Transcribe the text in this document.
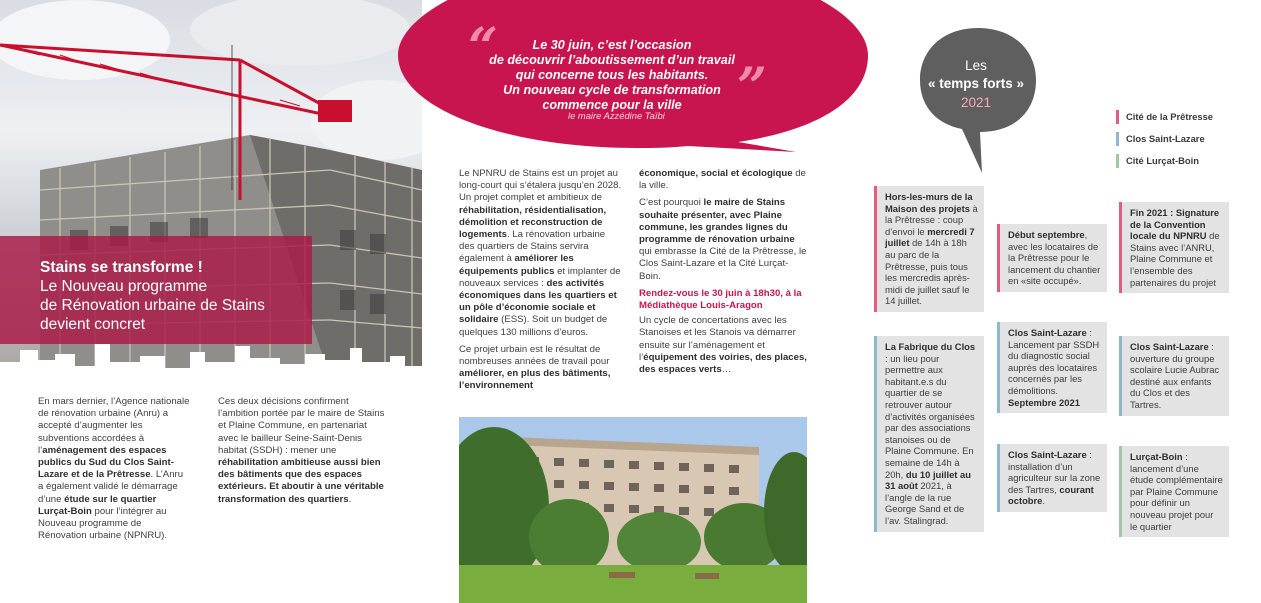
Stains se transforme !
Le Nouveau programme
de Rénovation urbaine de Stains
devient concret
En mars dernier, l’Agence nationale de rénovation urbaine (Anru) a accepté d’augmenter les subventions accordées à l’aménagement des espaces publics du Sud du Clos Saint-Lazare et de la Prêtresse. L’Anru a également validé le démarrage d’une étude sur le quartier Lurçat-Boin pour l’intégrer au Nouveau programme de Rénovation urbaine (NPNRU).
Ces deux décisions confirment l’ambition portée par le maire de Stains et Plaine Commune, en partenariat avec le bailleur Seine-Saint-Denis habitat (SSDH) : mener une réhabilitation ambitieuse aussi bien des bâtiments que des espaces extérieurs. Et aboutir à une véritable transformation des quartiers.
“
”
Le 30 juin, c’est l’occasion
de découvrir l’aboutissement d’un travail
qui concerne tous les habitants.
Un nouveau cycle de transformation
commence pour la ville
le maire Azzédine Taïbi

Le NPNRU de Stains est un projet au long-court qui s’étalera jusqu’en 2028. Un projet complet et ambitieux de réhabilitation, résidentialisation, démolition et reconstruction de logements. La rénovation urbaine des quartiers de Stains servira également à améliorer les équipements publics et implanter de nouveaux services : des activités économiques dans les quartiers et un pôle d’économie sociale et solidaire (ESS). Soit un budget de quelques 130 millions d’euros.

Ce projet urbain est le résultat de nombreuses années de travail pour améliorer, en plus des bâtiments, l’environnement

économique, social et écologique de la ville.

C’est pourquoi le maire de Stains souhaite présenter, avec Plaine commune, les grandes lignes du programme de rénovation urbaine qui embrasse la Cité de la Prêtresse, le Clos Saint-Lazare et la Cité Lurçat-Boin.

Rendez-vous le 30 juin à 18h30, à la Médiathèque Louis-Aragon

Un cycle de concertations avec les Stanoises et les Stanois va démarrer ensuite sur l’aménagement et l’équipement des voiries, des places, des espaces verts…

Les
« temps forts »
2021
Cité de la Prêtresse
Clos Saint-Lazare
Cité Lurçat-Boin
Hors-les-murs de la Maison des projets à la Prêtresse : coup d’envoi le mercredi 7 juillet de 14h à 18h au parc de la Prêtresse, puis tous les mercredis après-midi de juillet sauf le 14 juillet.
La Fabrique du Clos : un lieu pour permettre aux habitant.e.s du quartier de se retrouver autour d’activités organisées par des associations stanoises ou de Plaine Commune. En semaine de 14h à 20h, du 10 juillet au 31 août 2021, à l’angle de la rue George Sand et de l’av. Stalingrad.
Début septembre, avec les locataires de la Prêtresse pour le lancement du chantier en «site occupé».
Clos Saint-Lazare : Lancement par SSDH du diagnostic social auprès des locataires concernés par les démolitions. Septembre 2021
Clos Saint-Lazare : installation d’un agriculteur sur la zone des Tartres, courant octobre.
Fin 2021 : Signature de la Convention locale du NPNRU de Stains avec l’ANRU, Plaine Commune et l’ensemble des partenaires du projet
Clos Saint-Lazare : ouverture du groupe scolaire Lucie Aubrac destiné aux enfants du Clos et des Tartres.
Lurçat-Boin : lancement d’une étude complémentaire par Plaine Commune pour définir un nouveau projet pour le quartier
